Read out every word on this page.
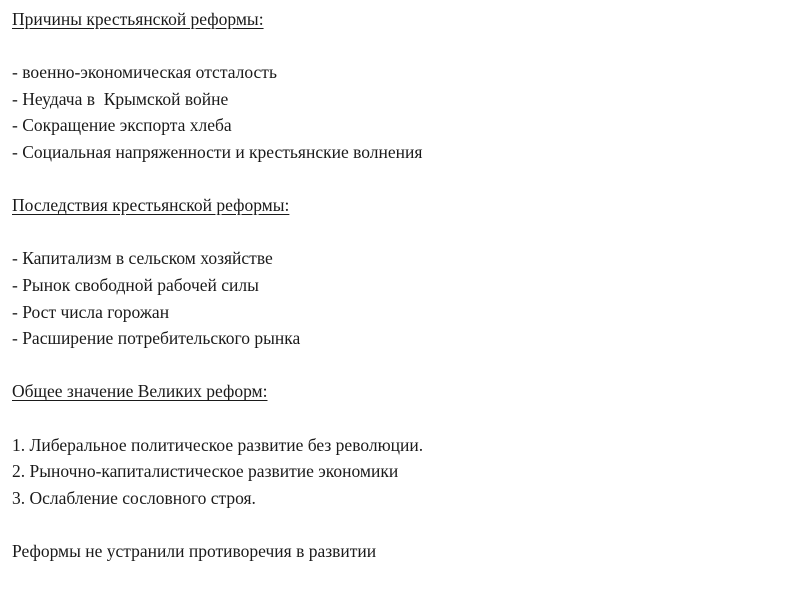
Причины крестьянской реформы:
- военно-экономическая отсталость
- Неудача в  Крымской войне
- Сокращение экспорта хлеба
- Социальная напряженности и крестьянские волнения
Последствия крестьянской реформы:
- Капитализм в сельском хозяйстве
- Рынок свободной рабочей силы
- Рост числа горожан
- Расширение потребительского рынка
Общее значение Великих реформ:
1. Либеральное политическое развитие без революции.
2. Рыночно-капиталистическое развитие экономики
3. Ослабление сословного строя.
Реформы не устранили противоречия в развитии
